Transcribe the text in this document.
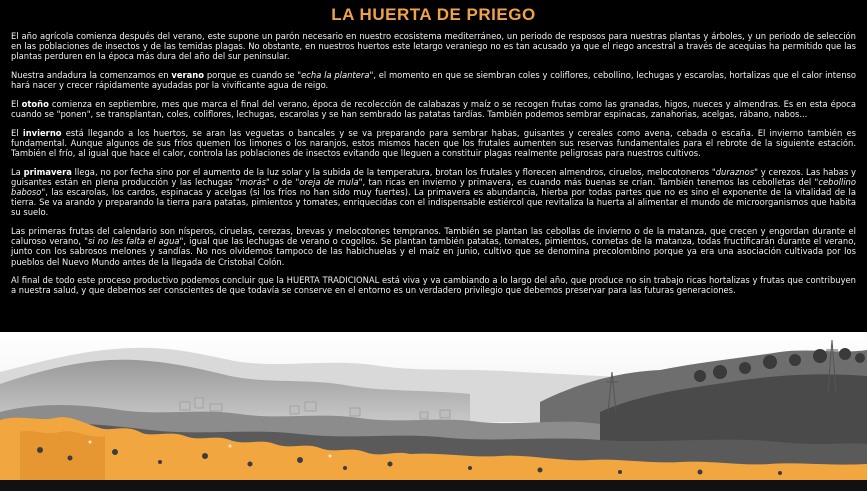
LA HUERTA DE PRIEGO

El año agrícola comienza después del verano, este supone un parón necesario en nuestro ecosistema mediterráneo, un periodo de resposos para nuestras plantas y árboles, y un periodo de selección en las poblaciones de insectos y de las temidas plagas. No obstante, en nuestros huertos este letargo veraniego no es tan acusado ya que el riego ancestral a través de acequias ha permitido que las plantas perduren en la época más dura del año del sur peninsular.

Nuestra andadura la comenzamos en verano porque es cuando se "echa la plantera", el momento en que se siembran coles y coliflores, cebollino, lechugas y escarolas, hortalizas que el calor intenso hará nacer y crecer rápidamente ayudadas por la vivificante agua de reigo.

El otoño comienza en septiembre, mes que marca el final del verano, época de recolección de calabazas y maíz o se recogen frutas como las granadas, higos, nueces y almendras. Es en esta época cuando se "ponen", se transplantan, coles, coliflores, lechugas, escarolas y se han sembrado las patatas tardías. También podemos sembrar espinacas, zanahorias, acelgas, rábano, nabos...

El invierno está llegando a los huertos, se aran las veguetas o bancales y se va preparando para sembrar habas, guisantes y cereales como avena, cebada o escaña. El invierno también es fundamental. Aunque algunos de sus fríos quemen los limones o los naranjos, estos mismos hacen que los frutales aumenten sus reservas fundamentales para el rebrote de la siguiente estación. También el frío, al igual que hace el calor, controla las poblaciones de insectos evitando que lleguen a constituir plagas realmente peligrosas para nuestros cultivos.

La primavera llega, no por fecha sino por el aumento de la luz solar y la subida de la temperatura, brotan los frutales y florecen almendros, ciruelos, melocotoneros "duraznos" y cerezos. Las habas y guisantes están en plena producción y las lechugas "morás" o de "oreja de mula", tan ricas en invierno y primavera, es cuando más buenas se crían. También tenemos las cebolletas del "cebollino baboso", las escarolas, los cardos, espinacas y acelgas (si los fríos no han sido muy fuertes). La primavera es abundancia, hierba por todas partes que no es sino el exponente de la vitalidad de la tierra. Se va arando y preparando la tierra para patatas, pimientos y tomates, enriquecidas con el indispensable estiércol que revitaliza la huerta al alimentar el mundo de microorganismos que habita su suelo.

Las primeras frutas del calendario son nísperos, ciruelas, cerezas, brevas y melocotones tempranos. También se plantan las cebollas de invierno o de la matanza, que crecen y engordan durante el caluroso verano, "si no les falta el agua", igual que las lechugas de verano o cogollos. Se plantan también patatas, tomates, pimientos, cornetas de la matanza, todas fructificarán durante el verano, junto con los sabrosos melones y sandías. No nos olvidemos tampoco de las habichuelas y el maíz en junio, cultivo que se denomina precolombino porque ya era una asociación cultivada por los pueblos del Nuevo Mundo antes de la llegada de Cristobal Colón.

Al final de todo este proceso productivo podemos concluir que la HUERTA TRADICIONAL está viva y va cambiando a lo largo del año, que produce no sin trabajo ricas hortalizas y frutas que contribuyen a nuestra salud, y que debemos ser conscientes de que todavía se conserve en el entorno es un verdadero privilegio que debemos preservar para las futuras generaciones.
